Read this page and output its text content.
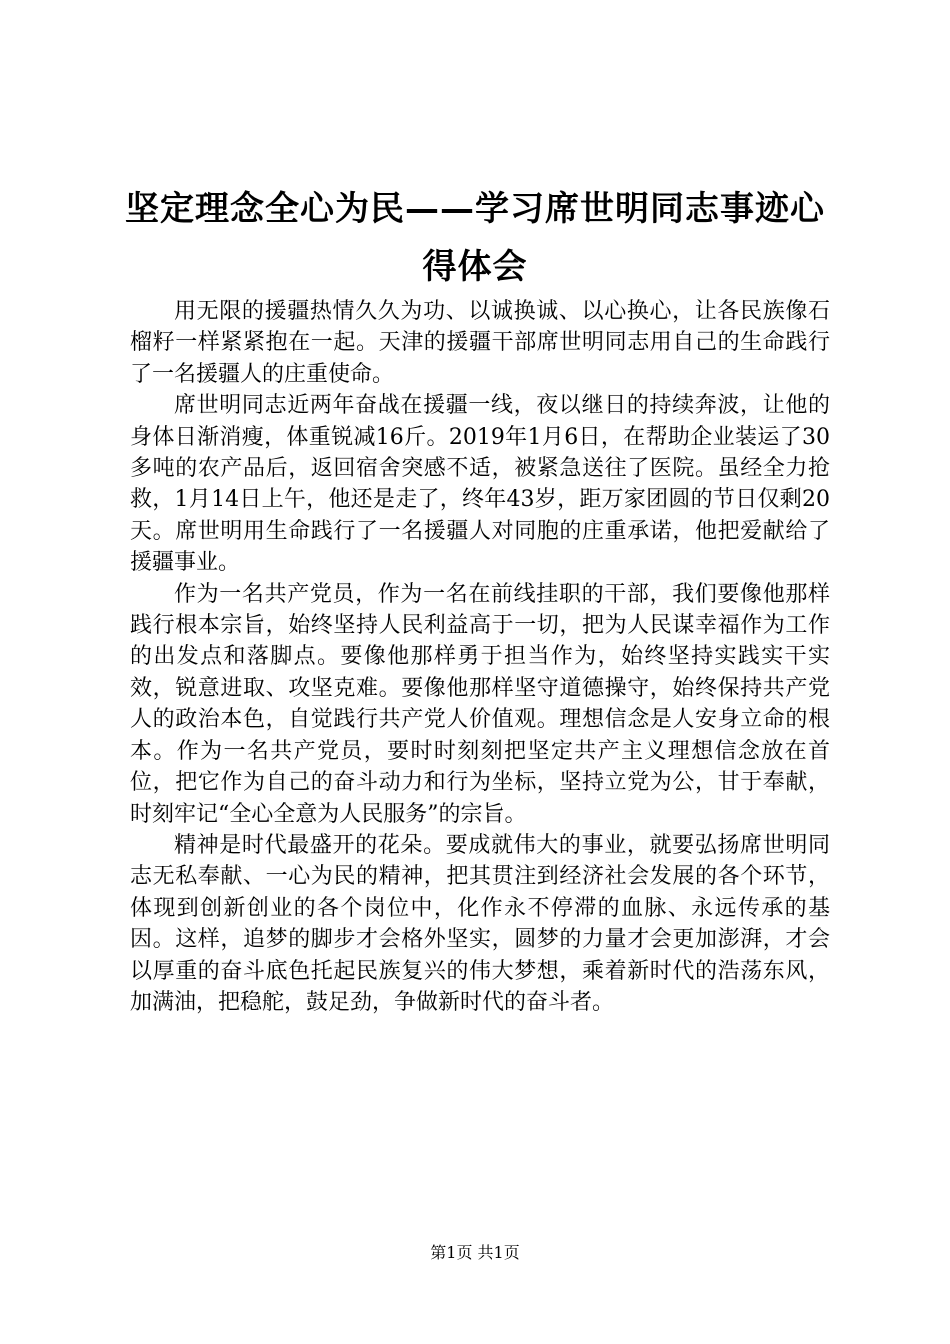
坚定理念全心为民——学习席世明同志事迹心得体会

用无限的援疆热情久久为功、以诚换诚、以心换心，让各民族像石榴籽一样紧紧抱在一起。天津的援疆干部席世明同志用自己的生命践行了一名援疆人的庄重使命。

席世明同志近两年奋战在援疆一线，夜以继日的持续奔波，让他的身体日渐消瘦，体重锐减16斤。2019年1月6日，在帮助企业装运了30多吨的农产品后，返回宿舍突感不适，被紧急送往了医院。虽经全力抢救，1月14日上午，他还是走了，终年43岁，距万家团圆的节日仅剩20天。席世明用生命践行了一名援疆人对同胞的庄重承诺，他把爱献给了援疆事业。

作为一名共产党员，作为一名在前线挂职的干部，我们要像他那样践行根本宗旨，始终坚持人民利益高于一切，把为人民谋幸福作为工作的出发点和落脚点。要像他那样勇于担当作为，始终坚持实践实干实效，锐意进取、攻坚克难。要像他那样坚守道德操守，始终保持共产党人的政治本色，自觉践行共产党人价值观。理想信念是人安身立命的根本。作为一名共产党员，要时时刻刻把坚定共产主义理想信念放在首位，把它作为自己的奋斗动力和行为坐标，坚持立党为公，甘于奉献，时刻牢记“全心全意为人民服务”的宗旨。

精神是时代最盛开的花朵。要成就伟大的事业，就要弘扬席世明同志无私奉献、一心为民的精神，把其贯注到经济社会发展的各个环节，体现到创新创业的各个岗位中，化作永不停滞的血脉、永远传承的基因。这样，追梦的脚步才会格外坚实，圆梦的力量才会更加澎湃，才会以厚重的奋斗底色托起民族复兴的伟大梦想，乘着新时代的浩荡东风，加满油，把稳舵，鼓足劲，争做新时代的奋斗者。

第1页 共1页
